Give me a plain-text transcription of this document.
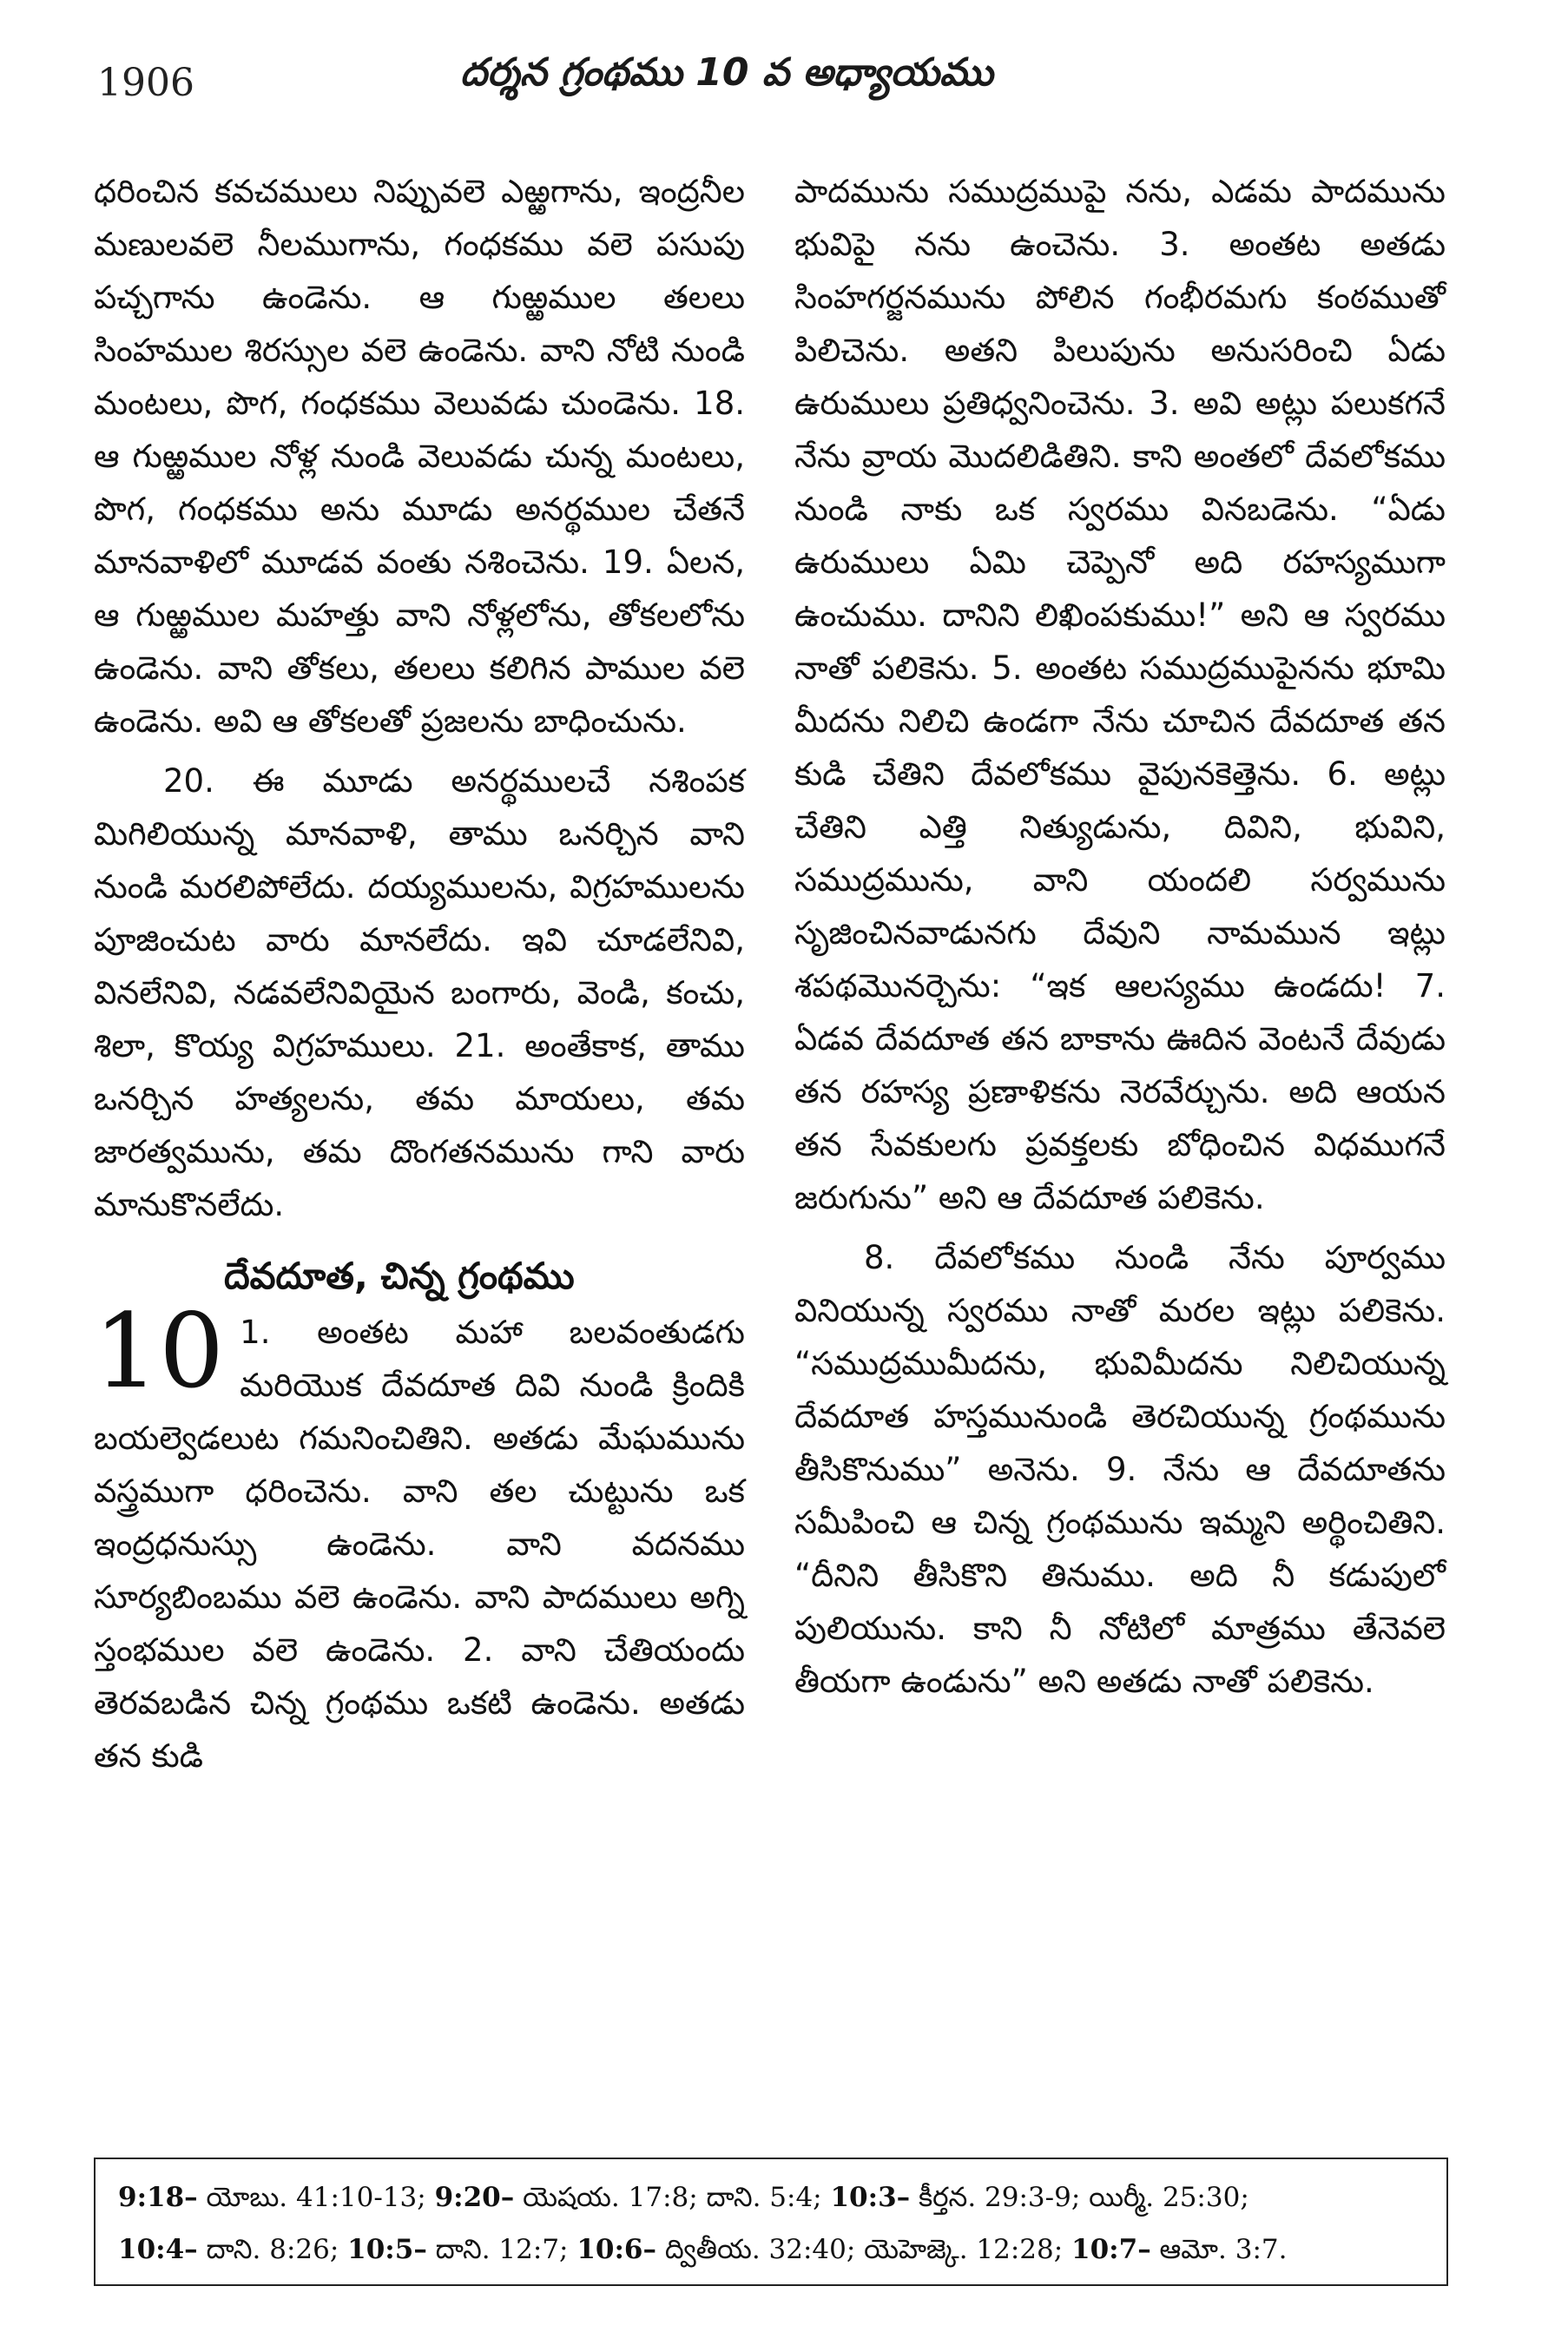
1906	దర్శన గ్రంథము 10 వ అధ్యాయము

ధరించిన కవచములు నిప్పువలె ఎఱ్ఱగాను, ఇంద్రనీల మణులవలె నీలముగాను, గంధకము వలె పసుపు పచ్చగాను ఉండెను. ఆ గుఱ్ఱముల తలలు సింహముల శిరస్సుల వలె ఉండెను. వాని నోటి నుండి మంటలు, పొగ, గంధకము వెలువడు చుండెను. 18. ఆ గుఱ్ఱముల నోళ్ల నుండి వెలువడు చున్న మంటలు, పొగ, గంధకము అను మూడు అనర్థముల చేతనే మానవాళిలో మూడవ వంతు నశించెను. 19. ఏలన, ఆ గుఱ్ఱముల మహత్తు వాని నోళ్లలోను, తోకలలోను ఉండెను. వాని తోకలు, తలలు కలిగిన పాముల వలె ఉండెను. అవి ఆ తోకలతో ప్రజలను బాధించును.

20. ఈ మూడు అనర్థములచే నశింపక మిగిలియున్న మానవాళి, తాము ఒనర్చిన వాని నుండి మరలిపోలేదు. దయ్యములను, విగ్రహములను పూజించుట వారు మానలేదు. ఇవి చూడలేనివి, వినలేనివి, నడవలేనివియైన బంగారు, వెండి, కంచు, శిలా, కొయ్య విగ్రహములు. 21. అంతేకాక, తాము ఒనర్చిన హత్యలను, తమ మాయలు, తమ జారత్వమును, తమ దొంగతనమును గాని వారు మానుకొనలేదు.

దేవదూత, చిన్న గ్రంథము

10 1. అంతట మహా బలవంతుడగు మరియొక దేవదూత దివి నుండి క్రిందికి బయల్వెడలుట గమనించితిని. అతడు మేఘమును వస్త్రముగా ధరించెను. వాని తల చుట్టును ఒక ఇంద్రధనుస్సు ఉండెను. వాని వదనము సూర్యబింబము వలె ఉండెను. వాని పాదములు అగ్ని స్తంభముల వలె ఉండెను. 2. వాని చేతియందు తెరవబడిన చిన్న గ్రంథము ఒకటి ఉండెను. అతడు తన కుడి

పాదమును సముద్రముపై నను, ఎడమ పాదమును భువిపై నను ఉంచెను. 3. అంతట అతడు సింహగర్జనమును పోలిన గంభీరమగు కంఠముతో పిలిచెను. అతని పిలుపును అనుసరించి ఏడు ఉరుములు ప్రతిధ్వనించెను. 3. అవి అట్లు పలుకగనే నేను వ్రాయ మొదలిడితిని. కాని అంతలో దేవలోకము నుండి నాకు ఒక స్వరము వినబడెను. “ఏడు ఉరుములు ఏమి చెప్పెనో అది రహస్యముగా ఉంచుము. దానిని లిఖింపకుము!” అని ఆ స్వరము నాతో పలికెను. 5. అంతట సముద్రముపైనను భూమి మీదను నిలిచి ఉండగా నేను చూచిన దేవదూత తన కుడి చేతిని దేవలోకము వైపునకెత్తెను. 6. అట్లు చేతిని ఎత్తి నిత్యుడును, దివిని, భువిని, సముద్రమును, వాని యందలి సర్వమును సృజించినవాడునగు దేవుని నామమున ఇట్లు శపథమొనర్చెను: “ఇక ఆలస్యము ఉండదు! 7. ఏడవ దేవదూత తన బాకాను ఊదిన వెంటనే దేవుడు తన రహస్య ప్రణాళికను నెరవేర్చును. అది ఆయన తన సేవకులగు ప్రవక్తలకు బోధించిన విధముగనే జరుగును” అని ఆ దేవదూత పలికెను.

8. దేవలోకము నుండి నేను పూర్వము వినియున్న స్వరము నాతో మరల ఇట్లు పలికెను. “సముద్రముమీదను, భువిమీదను నిలిచియున్న దేవదూత హస్తమునుండి తెరచియున్న గ్రంథమును తీసికొనుము” అనెను. 9. నేను ఆ దేవదూతను సమీపించి ఆ చిన్న గ్రంథమును ఇమ్మని అర్థించితిని. “దీనిని తీసికొని తినుము. అది నీ కడుపులో పులియును. కాని నీ నోటిలో మాత్రము తేనెవలె తీయగా ఉండును” అని అతడు నాతో పలికెను.

9:18– యోబు. 41:10-13; 9:20– యెషయ. 17:8; దాని. 5:4; 10:3– కీర్తన. 29:3-9; యిర్మీ. 25:30;
10:4– దాని. 8:26; 10:5– దాని. 12:7; 10:6– ద్వితీయ. 32:40; యెహెజ్కె. 12:28; 10:7– ఆమో. 3:7.
